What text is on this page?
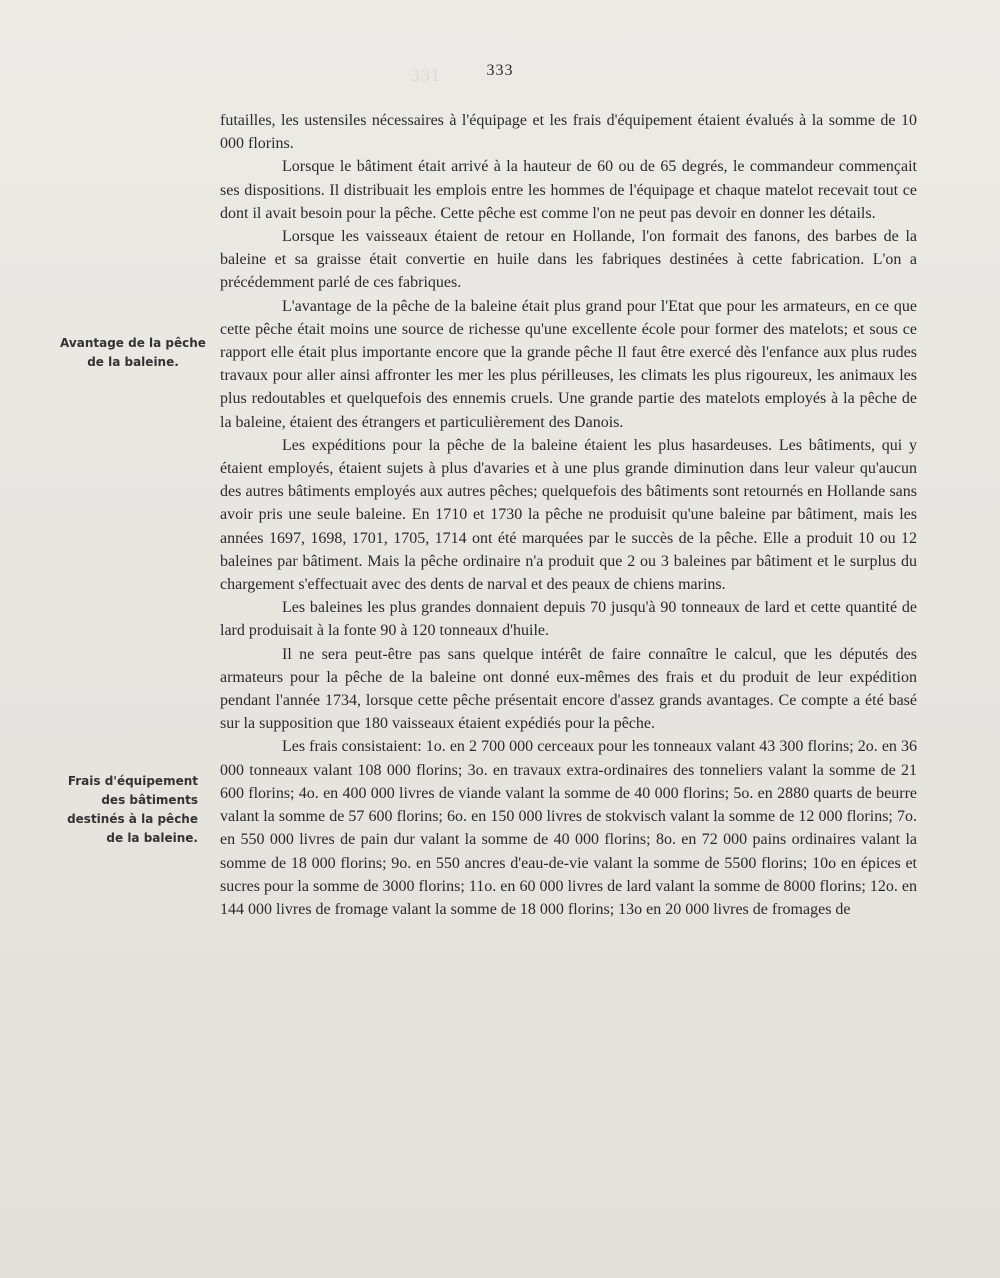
331	333
Avantage de la pêche de la baleine.
Frais d'équipement des bâtiments destinés à la pêche de la baleine.

futailles, les ustensiles nécessaires à l'équipage et les frais d'équipement étaient évalués à la somme de 10 000 florins.

Lorsque le bâtiment était arrivé à la hauteur de 60 ou de 65 degrés, le commandeur commençait ses dispositions. Il distribuait les emplois entre les hommes de l'équipage et chaque matelot recevait tout ce dont il avait besoin pour la pêche. Cette pêche est comme l'on ne peut pas devoir en donner les détails.

Lorsque les vaisseaux étaient de retour en Hollande, l'on formait des fanons, des barbes de la baleine et sa graisse était convertie en huile dans les fabriques destinées à cette fabrication. L'on a précédemment parlé de ces fabriques.

L'avantage de la pêche de la baleine était plus grand pour l'Etat que pour les armateurs, en ce que cette pêche était moins une source de richesse qu'une excellente école pour former des matelots; et sous ce rapport elle était plus importante encore que la grande pêche Il faut être exercé dès l'enfance aux plus rudes travaux pour aller ainsi affronter les mer les plus périlleuses, les climats les plus rigoureux, les animaux les plus redoutables et quelquefois des ennemis cruels. Une grande partie des matelots employés à la pêche de la baleine, étaient des étrangers et particulièrement des Danois.

Les expéditions pour la pêche de la baleine étaient les plus hasardeuses. Les bâtiments, qui y étaient employés, étaient sujets à plus d'avaries et à une plus grande diminution dans leur valeur qu'aucun des autres bâtiments employés aux autres pêches; quelquefois des bâtiments sont retournés en Hollande sans avoir pris une seule baleine. En 1710 et 1730 la pêche ne produisit qu'une baleine par bâtiment, mais les années 1697, 1698, 1701, 1705, 1714 ont été marquées par le succès de la pêche. Elle a produit 10 ou 12 baleines par bâtiment. Mais la pêche ordinaire n'a produit que 2 ou 3 baleines par bâtiment et le surplus du chargement s'effectuait avec des dents de narval et des peaux de chiens marins.

Les baleines les plus grandes donnaient depuis 70 jusqu'à 90 tonneaux de lard et cette quantité de lard produisait à la fonte 90 à 120 tonneaux d'huile.

Il ne sera peut-être pas sans quelque intérêt de faire connaître le calcul, que les députés des armateurs pour la pêche de la baleine ont donné eux-mêmes des frais et du produit de leur expédition pendant l'année 1734, lorsque cette pêche présentait encore d'assez grands avantages. Ce compte a été basé sur la supposition que 180 vaisseaux étaient expédiés pour la pêche.

Les frais consistaient: 1o. en 2 700 000 cerceaux pour les tonneaux valant 43 300 florins; 2o. en 36 000 tonneaux valant 108 000 florins; 3o. en travaux extra-ordinaires des tonneliers valant la somme de 21 600 florins; 4o. en 400 000 livres de viande valant la somme de 40 000 florins; 5o. en 2880 quarts de beurre valant la somme de 57 600 florins; 6o. en 150 000 livres de stokvisch valant la somme de 12 000 florins; 7o. en 550 000 livres de pain dur valant la somme de 40 000 florins; 8o. en 72 000 pains ordinaires valant la somme de 18 000 florins; 9o. en 550 ancres d'eau-de-vie valant la somme de 5500 florins; 10o en épices et sucres pour la somme de 3000 florins; 11o. en 60 000 livres de lard valant la somme de 8000 florins; 12o. en 144 000 livres de fromage valant la somme de 18 000 florins; 13o en 20 000 livres de fromages de
